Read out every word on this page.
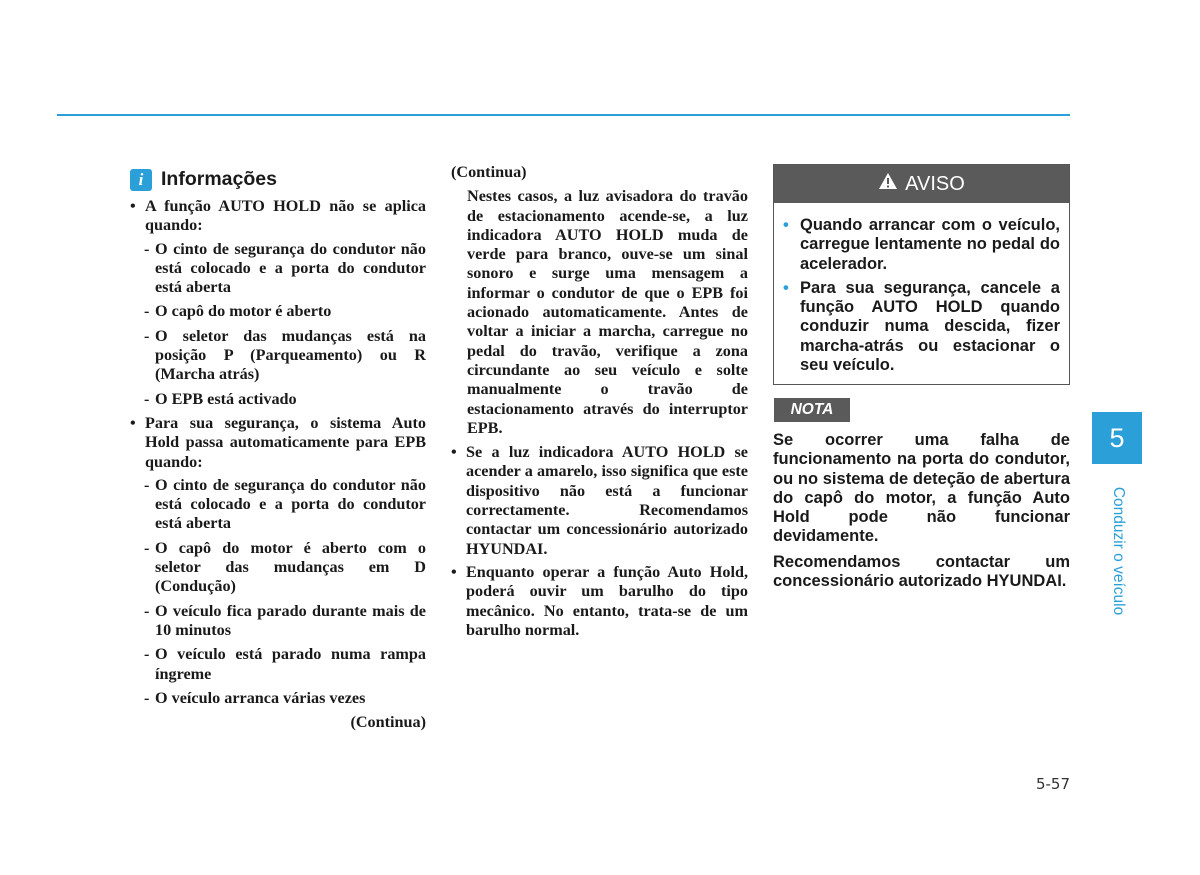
i Informações
• A função AUTO HOLD não se aplica quando:
- O cinto de segurança do condutor não está colocado e a porta do condutor está aberta
- O capô do motor é aberto
- O seletor das mudanças está na posição P (Parqueamento) ou R (Marcha atrás)
- O EPB está activado
• Para sua segurança, o sistema Auto Hold passa automaticamente para EPB quando:
- O cinto de segurança do condutor não está colocado e a porta do condutor está aberta
- O capô do motor é aberto com o seletor das mudanças em D (Condução)
- O veículo fica parado durante mais de 10 minutos
- O veículo está parado numa rampa íngreme
- O veículo arranca várias vezes
(Continua)
(Continua)
Nestes casos, a luz avisadora do travão de estacionamento acende-se, a luz indicadora AUTO HOLD muda de verde para branco, ouve-se um sinal sonoro e surge uma mensagem a informar o condutor de que o EPB foi acionado automaticamente. Antes de voltar a iniciar a marcha, carregue no pedal do travão, verifique a zona circundante ao seu veículo e solte manualmente o travão de estacionamento através do interruptor EPB.
• Se a luz indicadora AUTO HOLD se acender a amarelo, isso significa que este dispositivo não está a funcionar correctamente. Recomendamos contactar um concessionário autorizado HYUNDAI.
• Enquanto operar a função Auto Hold, poderá ouvir um barulho do tipo mecânico. No entanto, trata-se de um barulho normal.
AVISO
• Quando arrancar com o veículo, carregue lentamente no pedal do acelerador.
• Para sua segurança, cancele a função AUTO HOLD quando conduzir numa descida, fizer marcha-atrás ou estacionar o seu veículo.
NOTA

Se ocorrer uma falha de funcionamento na porta do condutor, ou no sistema de deteção de abertura do capô do motor, a função Auto Hold pode não funcionar devidamente.

Recomendamos contactar um concessionário autorizado HYUNDAI.

5
Conduzir o veículo
5-57
